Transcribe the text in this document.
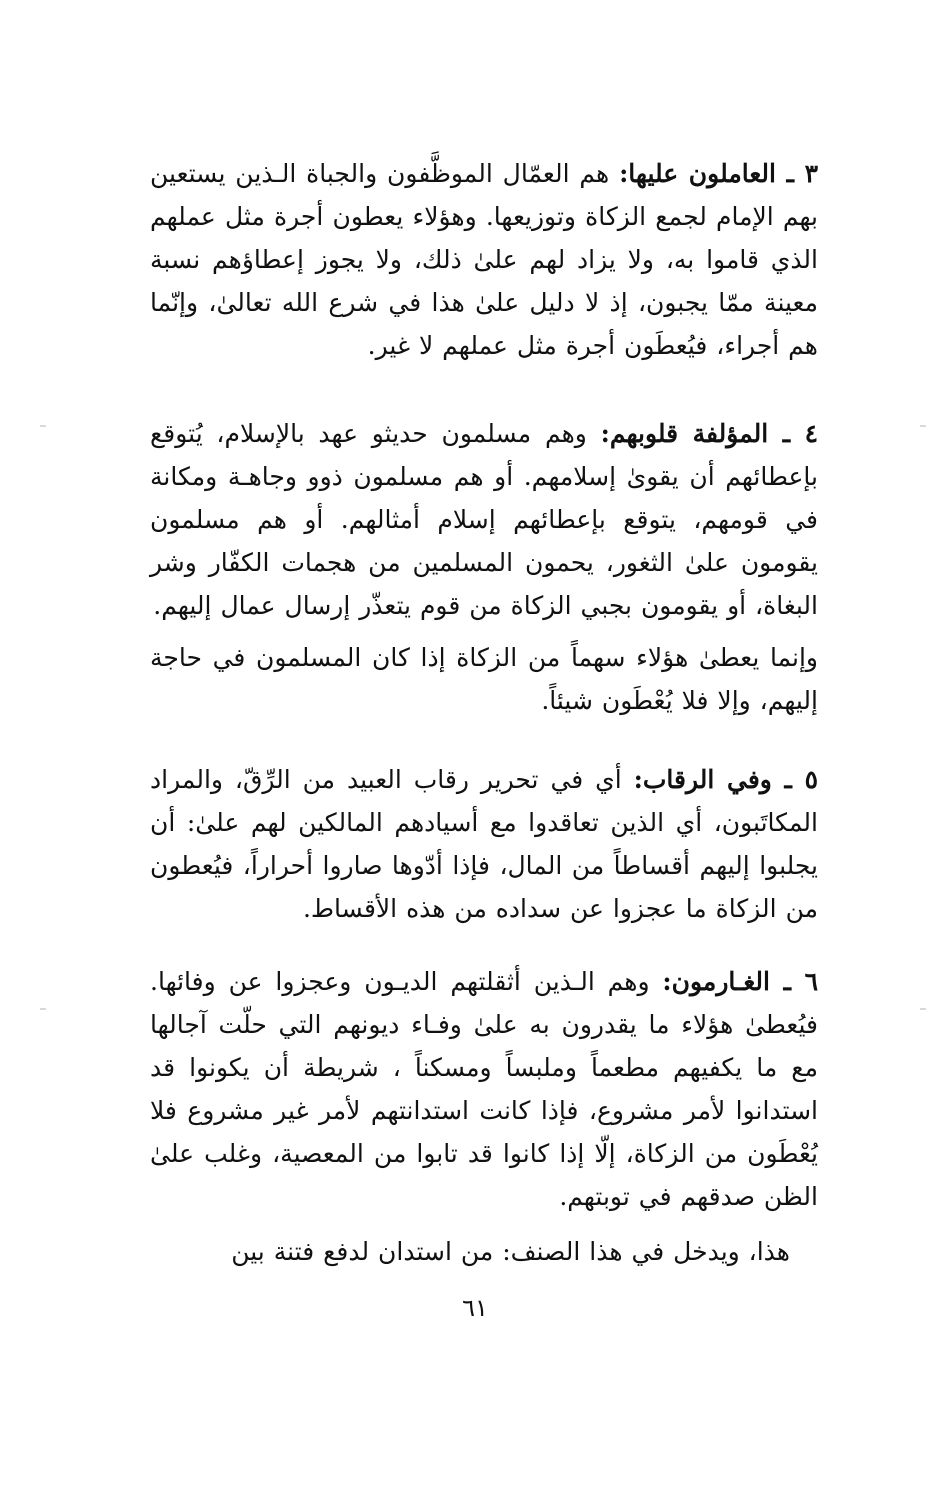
٣ ـ العاملون عليها: هم العمّال الموظَّفون والجباة الـذين يستعين بهم الإمام لجمع الزكاة وتوزيعها. وهؤلاء يعطون أجرة مثل عملهم الذي قاموا به، ولا يزاد لهم علىٰ ذلك، ولا يجوز إعطاؤهم نسبة معينة ممّا يجبون، إذ لا دليل علىٰ هذا في شرع الله تعالىٰ، وإنّما هم أجراء، فيُعطَون أجرة مثل عملهم لا غير.

٤ ـ المؤلفة قلوبهم: وهم مسلمون حديثو عهد بالإسلام، يُتوقع بإعطائهم أن يقوىٰ إسلامهم. أو هم مسلمون ذوو وجاهـة ومكانة في قومهم، يتوقع بإعطائهم إسلام أمثالهم. أو هم مسلمون يقومون علىٰ الثغور، يحمون المسلمين من هجمات الكفّار وشر البغاة، أو يقومون بجبي الزكاة من قوم يتعذّر إرسال عمال إليهم.

وإنما يعطىٰ هؤلاء سهماً من الزكاة إذا كان المسلمون في حاجة إليهم، وإلا فلا يُعْطَون شيئاً.

٥ ـ وفي الرقاب: أي في تحرير رقاب العبيد من الرِّقّ، والمراد المكاتَبون، أي الذين تعاقدوا مع أسيادهم المالكين لهم علىٰ: أن يجلبوا إليهم أقساطاً من المال، فإذا أدّوها صاروا أحراراً، فيُعطون من الزكاة ما عجزوا عن سداده من هذه الأقساط.

٦ ـ الغـارمون: وهم الـذين أثقلتهم الديـون وعجزوا عن وفائها. فيُعطىٰ هؤلاء ما يقدرون به علىٰ وفـاء ديونهم التي حلّت آجالها مع ما يكفيهم مطعماً وملبساً ومسكناً ، شريطة أن يكونوا قد استدانوا لأمر مشروع، فإذا كانت استدانتهم لأمر غير مشروع فلا يُعْطَون من الزكاة، إلّا إذا كانوا قد تابوا من المعصية، وغلب علىٰ الظن صدقهم في توبتهم.

هذا، ويدخل في هذا الصنف: من استدان لدفع فتنة بين

٦١
